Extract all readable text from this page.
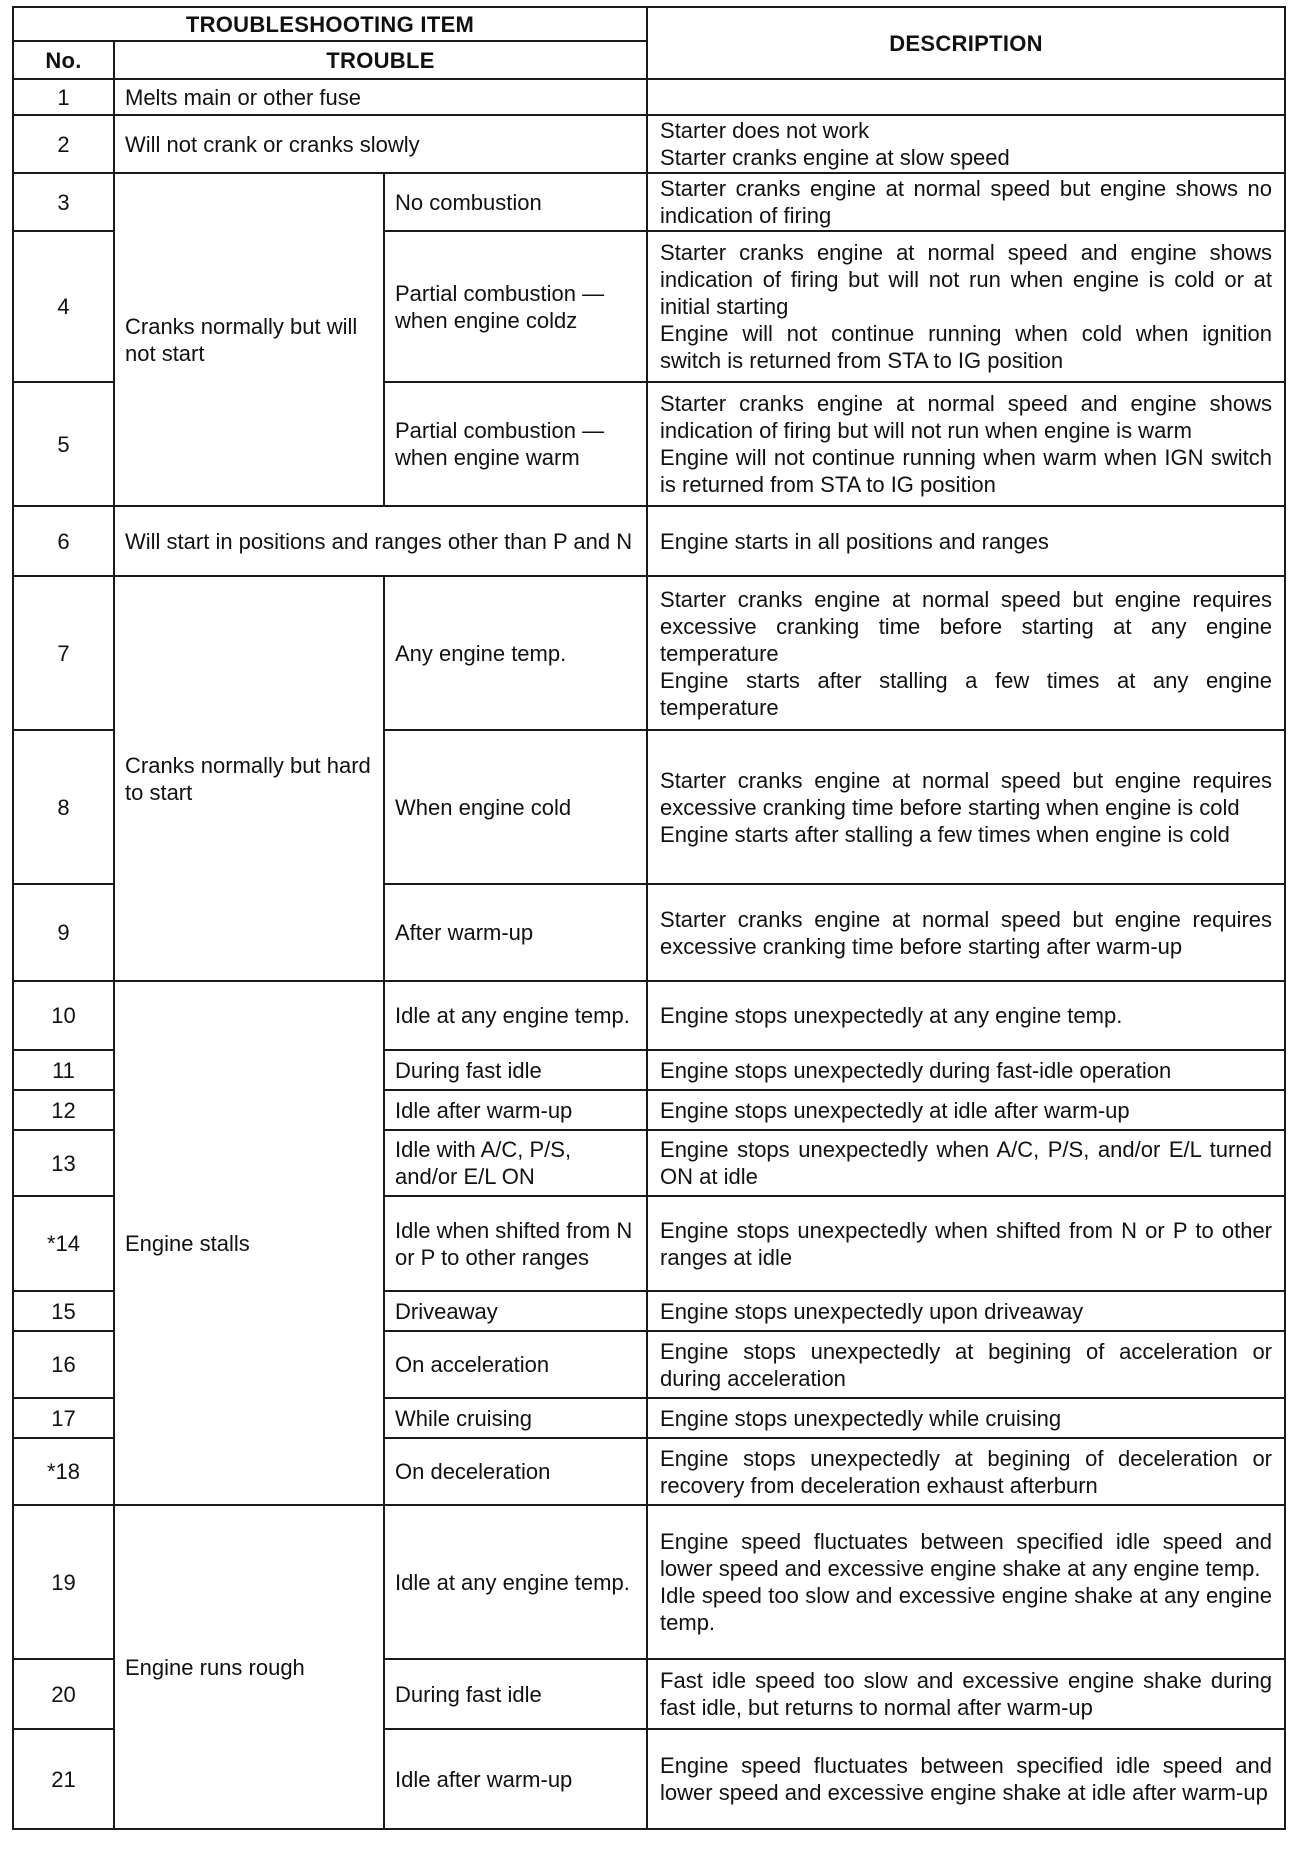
TROUBLESHOOTING ITEM			DESCRIPTION
No.	TROUBLE		
1	Melts main or other fuse		
2	Will not crank or cranks slowly		Starter does not work
Starter cranks engine at slow speed
3	Cranks normally but will not start	No combustion	Starter cranks engine at normal speed but engine shows no indication of firing
4		Partial combustion —when engine coldz	Starter cranks engine at normal speed and engine shows indication of firing but will not run when engine is cold or at initial starting
Engine will not continue running when cold when ignition switch is returned from STA to IG position
5		Partial combustion —when engine warm	Starter cranks engine at normal speed and engine shows indication of firing but will not run when engine is warm
Engine will not continue running when warm when IGN switch is returned from STA to IG position
6	Will start in positions and ranges other than P and N		Engine starts in all positions and ranges
7	Cranks normally but hard to start	Any engine temp.	Starter cranks engine at normal speed but engine requires excessive cranking time before starting at any engine temperature
Engine starts after stalling a few times at any engine temperature
8		When engine cold	Starter cranks engine at normal speed but engine requires excessive cranking time before starting when engine is cold
Engine starts after stalling a few times when engine is cold
9		After warm-up	Starter cranks engine at normal speed but engine requires excessive cranking time before starting after warm-up
10	Engine stalls	Idle at any engine temp.	Engine stops unexpectedly at any engine temp.
11		During fast idle	Engine stops unexpectedly during fast-idle operation
12		Idle after warm-up	Engine stops unexpectedly at idle after warm-up
13		Idle with A/C, P/S, and/or E/L ON	Engine stops unexpectedly when A/C, P/S, and/or E/L turned ON at idle
*14		Idle when shifted from N or P to other ranges	Engine stops unexpectedly when shifted from N or P to other ranges at idle
15		Driveaway	Engine stops unexpectedly upon driveaway
16		On acceleration	Engine stops unexpectedly at begining of acceleration or during acceleration
17		While cruising	Engine stops unexpectedly while cruising
*18		On deceleration	Engine stops unexpectedly at begining of deceleration or recovery from deceleration exhaust afterburn
19	Engine runs rough	Idle at any engine temp.	Engine speed fluctuates between specified idle speed and lower speed and excessive engine shake at any engine temp.
Idle speed too slow and excessive engine shake at any engine temp.
20		During fast idle	Fast idle speed too slow and excessive engine shake during fast idle, but returns to normal after warm-up
21		Idle after warm-up	Engine speed fluctuates between specified idle speed and lower speed and excessive engine shake at idle after warm-up
